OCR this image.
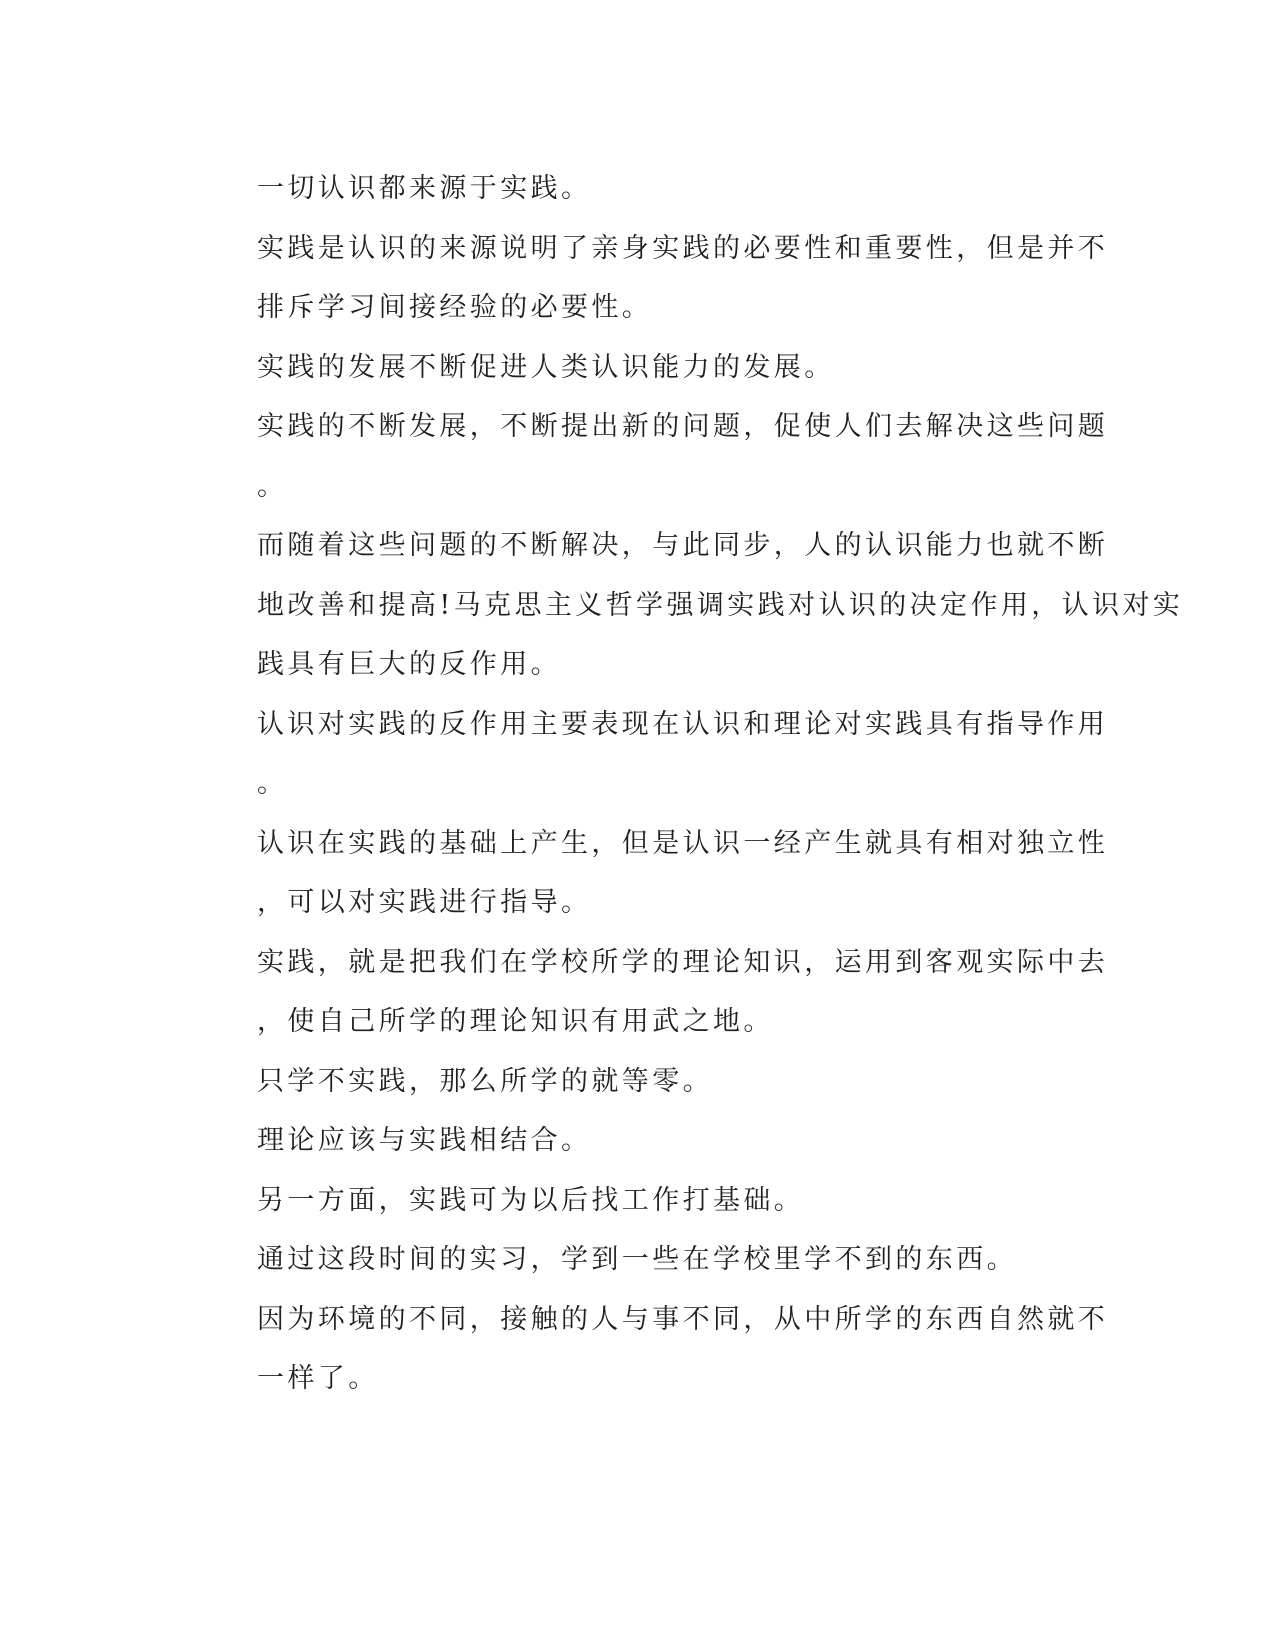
一切认识都来源于实践。

实践是认识的来源说明了亲身实践的必要性和重要性，但是并不
排斥学习间接经验的必要性。

实践的发展不断促进人类认识能力的发展。

实践的不断发展，不断提出新的问题，促使人们去解决这些问题
。

而随着这些问题的不断解决，与此同步，人的认识能力也就不断
地改善和提高!马克思主义哲学强调实践对认识的决定作用，认识对实
践具有巨大的反作用。

认识对实践的反作用主要表现在认识和理论对实践具有指导作用
。

认识在实践的基础上产生，但是认识一经产生就具有相对独立性
，可以对实践进行指导。

实践，就是把我们在学校所学的理论知识，运用到客观实际中去
，使自己所学的理论知识有用武之地。

只学不实践，那么所学的就等零。

理论应该与实践相结合。

另一方面，实践可为以后找工作打基础。

通过这段时间的实习，学到一些在学校里学不到的东西。

因为环境的不同，接触的人与事不同，从中所学的东西自然就不
一样了。
